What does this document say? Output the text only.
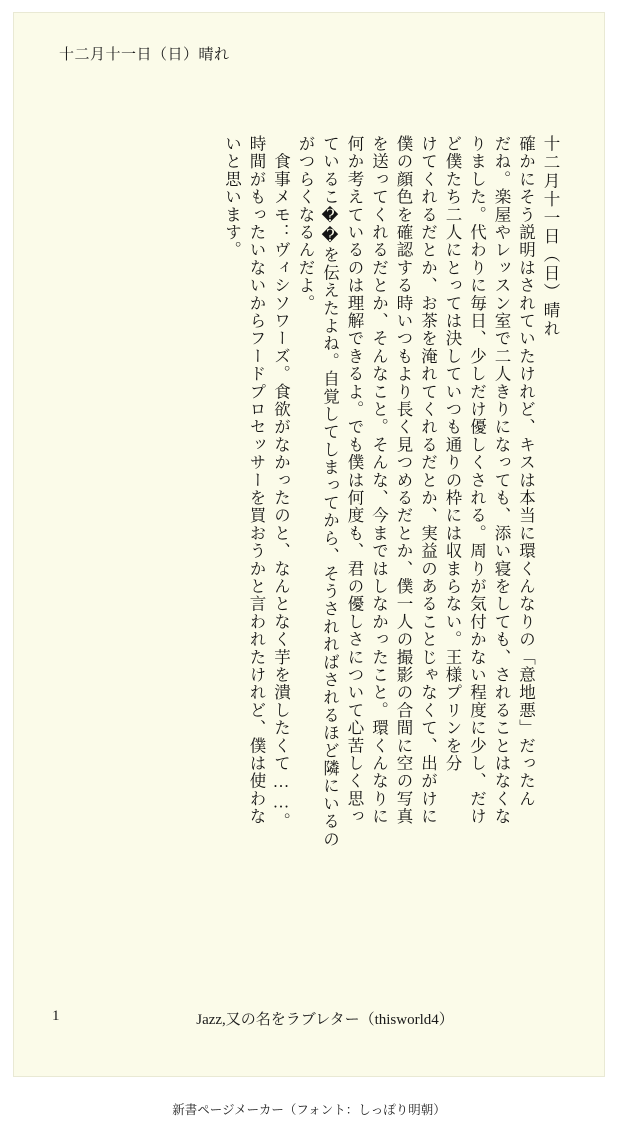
十二月十一日（日）晴れ
十二月十一日（日）晴れ
確かにそう説明はされていたけれど、キスは本当に環くんなりの「意地悪」だったん
だね。楽屋やレッスン室で二人きりになっても、添い寝をしても、されることはなくな
りました。代わりに毎日、少しだけ優しくされる。周りが気付かない程度に少し、だけ
ど僕たち二人にとっては決していつも通りの枠には収まらない。王様プリンを分
けてくれるだとか、お茶を淹れてくれるだとか、実益のあることじゃなくて、出がけに
僕の顔色を確認する時いつもより長く見つめるだとか、僕一人の撮影の合間に空の写真
を送ってくれるだとか、そんなこと。そんな、今まではしなかったこと。環くんなりに
何か考えているのは理解できるよ。でも僕は何度も、君の優しさについて心苦しく思っ
ているこ��を伝えたよね。自覚してしまってから、そうされればされるほど隣にいるの
がつらくなるんだよ。
　食事メモ：ヴィシソワーズ。食欲がなかったのと、なんとなく芋を潰したくて……。
時間がもったいないからフードプロセッサーを買おうかと言われたけれど、僕は使わな
いと思います。
1	Jazz,又の名をラブレター（thisworld4）
新書ページメーカー（フォント：しっぽり明朝）
